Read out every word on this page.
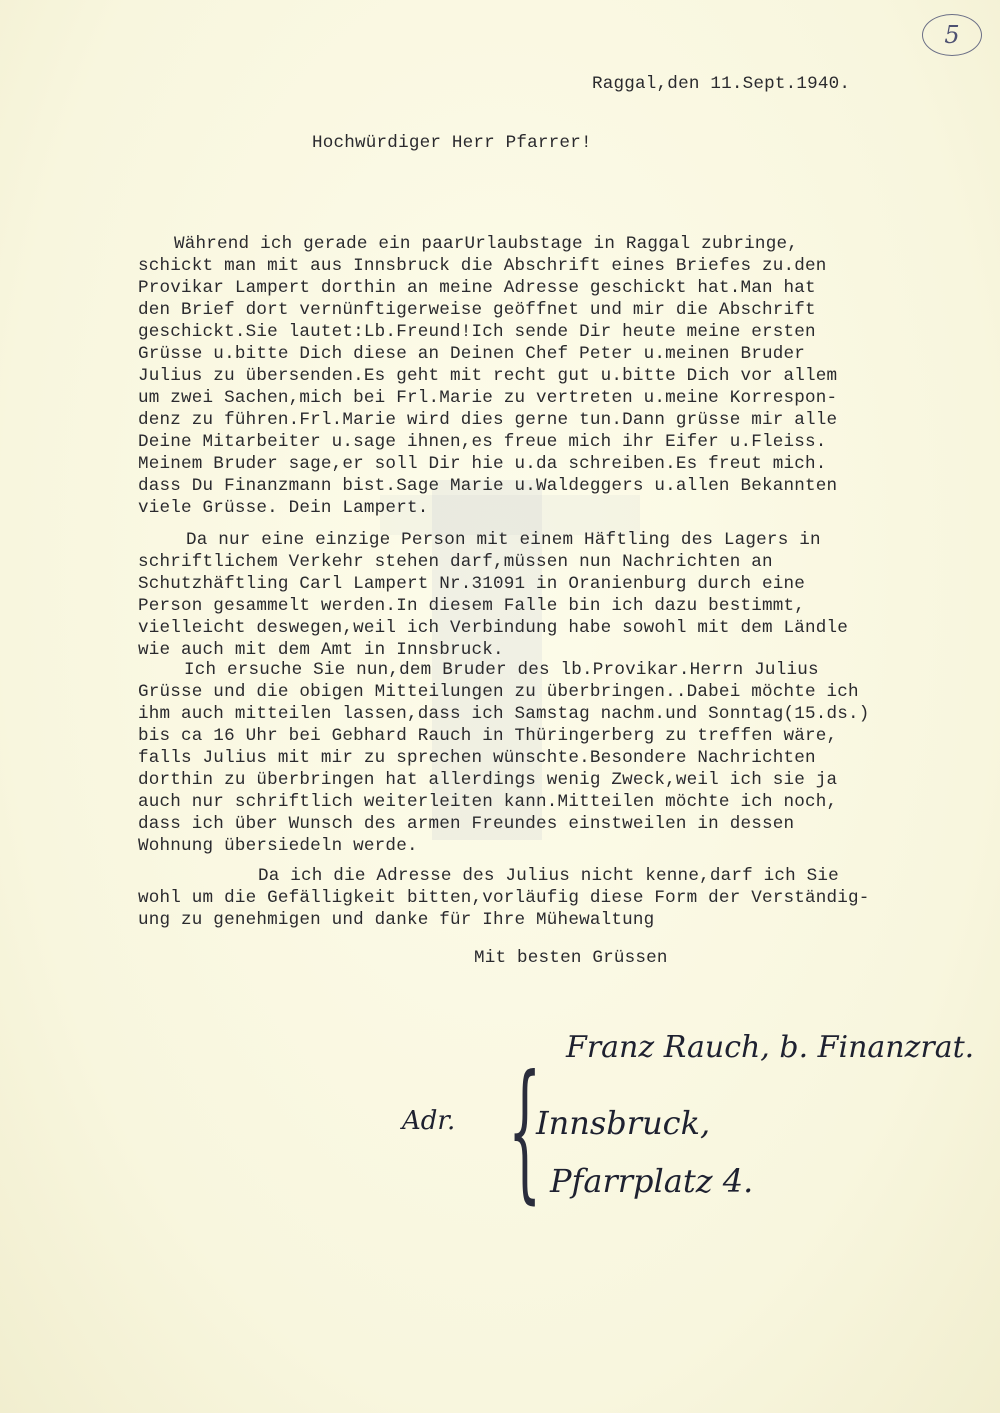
5
Raggal,den 11.Sept.1940.
Hochwürdiger Herr Pfarrer!
Während ich gerade ein paarUrlaubstage in Raggal zubringe,
schickt man mit aus Innsbruck die Abschrift eines Briefes zu.den
Provikar Lampert dorthin an meine Adresse geschickt hat.Man hat
den Brief dort vernünftigerweise geöffnet und mir die Abschrift
geschickt.Sie lautet:Lb.Freund!Ich sende Dir heute meine ersten
Grüsse u.bitte Dich diese an Deinen Chef Peter u.meinen Bruder
Julius zu übersenden.Es geht mit recht gut u.bitte Dich vor allem
um zwei Sachen,mich bei Frl.Marie zu vertreten u.meine Korrespon-
denz zu führen.Frl.Marie wird dies gerne tun.Dann grüsse mir alle
Deine Mitarbeiter u.sage ihnen,es freue mich ihr Eifer u.Fleiss.
Meinem Bruder sage,er soll Dir hie u.da schreiben.Es freut mich.
dass Du Finanzmann bist.Sage Marie u.Waldeggers u.allen Bekannten
viele Grüsse. Dein Lampert.
Da nur eine einzige Person mit einem Häftling des Lagers in
schriftlichem Verkehr stehen darf,müssen nun Nachrichten an
Schutzhäftling Carl Lampert Nr.31091 in Oranienburg durch eine
Person gesammelt werden.In diesem Falle bin ich dazu bestimmt,
vielleicht deswegen,weil ich Verbindung habe sowohl mit dem Ländle
wie auch mit dem Amt in Innsbruck.
Ich ersuche Sie nun,dem Bruder des lb.Provikar.Herrn Julius
Grüsse und die obigen Mitteilungen zu überbringen..Dabei möchte ich
ihm auch mitteilen lassen,dass ich Samstag nachm.und Sonntag(15.ds.)
bis ca 16 Uhr bei Gebhard Rauch in Thüringerberg zu treffen wäre,
falls Julius mit mir zu sprechen wünschte.Besondere Nachrichten
dorthin zu überbringen hat allerdings wenig Zweck,weil ich sie ja
auch nur schriftlich weiterleiten kann.Mitteilen möchte ich noch,
dass ich über Wunsch des armen Freundes einstweilen in dessen
Wohnung übersiedeln werde.
Da ich die Adresse des Julius nicht kenne,darf ich Sie
wohl um die Gefälligkeit bitten,vorläufig diese Form der Verständig-
ung zu genehmigen und danke für Ihre Mühewaltung
Mit besten Grüssen
Franz Rauch, b. Finanzrat.
Adr. {
Innsbruck,
Pfarrplatz 4.
